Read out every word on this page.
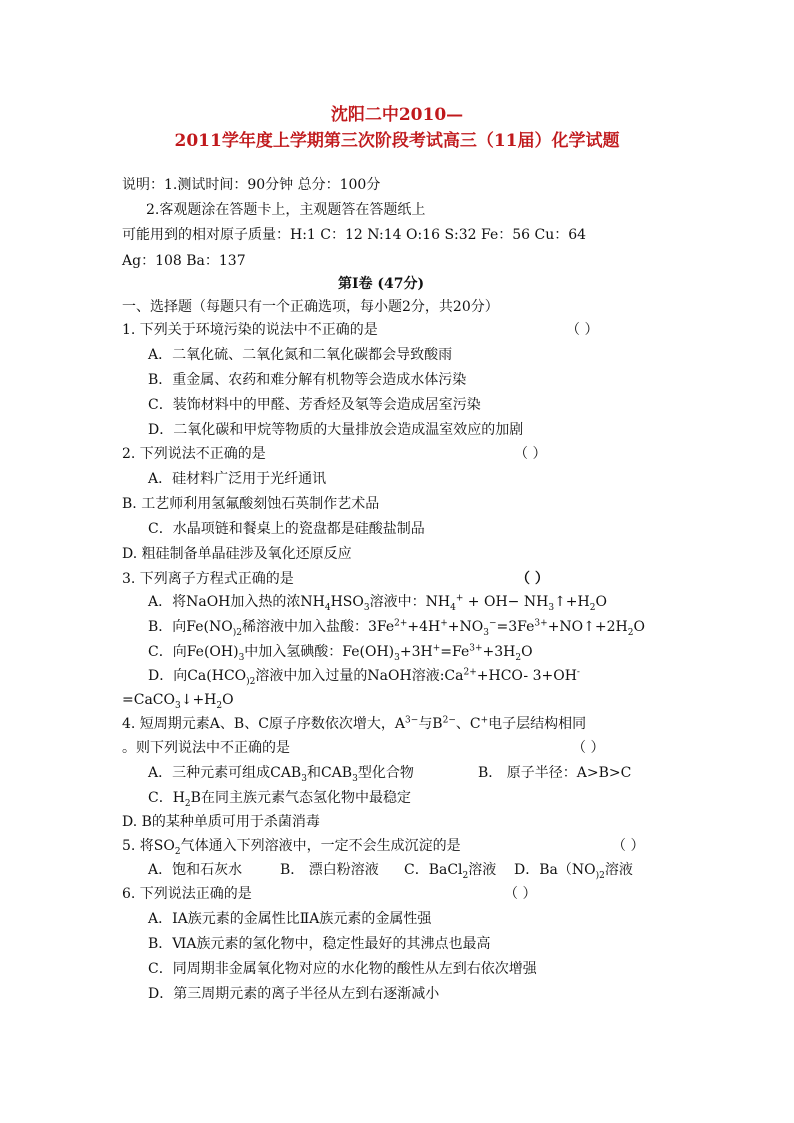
沈阳二中2010—
2011学年度上学期第三次阶段考试高三（11届）化学试题
说明：1.测试时间：90分钟 总分：100分
2.客观题涂在答题卡上，主观题答在答题纸上
可能用到的相对原子质量：H:1 C：12 N:14 O:16 S:32 Fe：56 Cu：64
Ag：108 Ba：137
第Ⅰ卷 (47分)
一、选择题（每题只有一个正确选项，每小题2分，共20分）
1. 下列关于环境污染的说法中不正确的是	（ ）
A．二氧化硫、二氧化氮和二氧化碳都会导致酸雨
B．重金属、农药和难分解有机物等会造成水体污染
C．装饰材料中的甲醛、芳香烃及氡等会造成居室污染
D．二氧化碳和甲烷等物质的大量排放会造成温室效应的加剧
2. 下列说法不正确的是	（ ）
A．硅材料广泛用于光纤通讯
B. 工艺师利用氢氟酸刻蚀石英制作艺术品
C．水晶项链和餐桌上的瓷盘都是硅酸盐制品
D. 粗硅制备单晶硅涉及氧化还原反应
3. 下列离子方程式正确的是	（ ）
A．将NaOH加入热的浓$NH_4HSO_3$溶液中：$NH_4^+ + OH-$ $NH_3↑+H_2O$
B．向$Fe(NO_{)2}$稀溶液中加入盐酸：$3Fe^{2+}+4H^++NO_3^-=3Fe^{3+}+NO↑+2H_2O$
C．向$Fe(OH)_3$中加入氢碘酸：$Fe(OH)_3+3H^+=Fe^{3+}+3H_2O$
D．向$Ca(HCO_{)2}$溶液中加入过量的NaOH溶液$:Ca^{2+}+HCO-$ 3+OH-
$=CaCO_3↓+H_2O$
4. 短周期元素A、B、C原子序数依次增大，$A^{3-}$与$B^{2-}$、C+电子层结构相同
。则下列说法中不正确的是	（ ）
A．三种元素可组成$CAB_3$和$CAB_3$型化合物	B． 原子半径：A>B>C
C．$H_2B$在同主族元素气态氢化物中最稳定
D. B的某种单质可用于杀菌消毒
5. 将$SO_2$气体通入下列溶液中，一定不会生成沉淀的是	（ ）
A．饱和石灰水	B． 漂白粉溶液 C．BaCl$_2$溶液 D．$Ba(NO_{)2}$溶液
6. 下列说法正确的是	（ ）
A．ⅠA族元素的金属性比ⅡA族元素的金属性强
B．ⅥA族元素的氢化物中，稳定性最好的其沸点也最高
C．同周期非金属氧化物对应的水化物的酸性从左到右依次增强
D．第三周期元素的离子半径从左到右逐渐减小
